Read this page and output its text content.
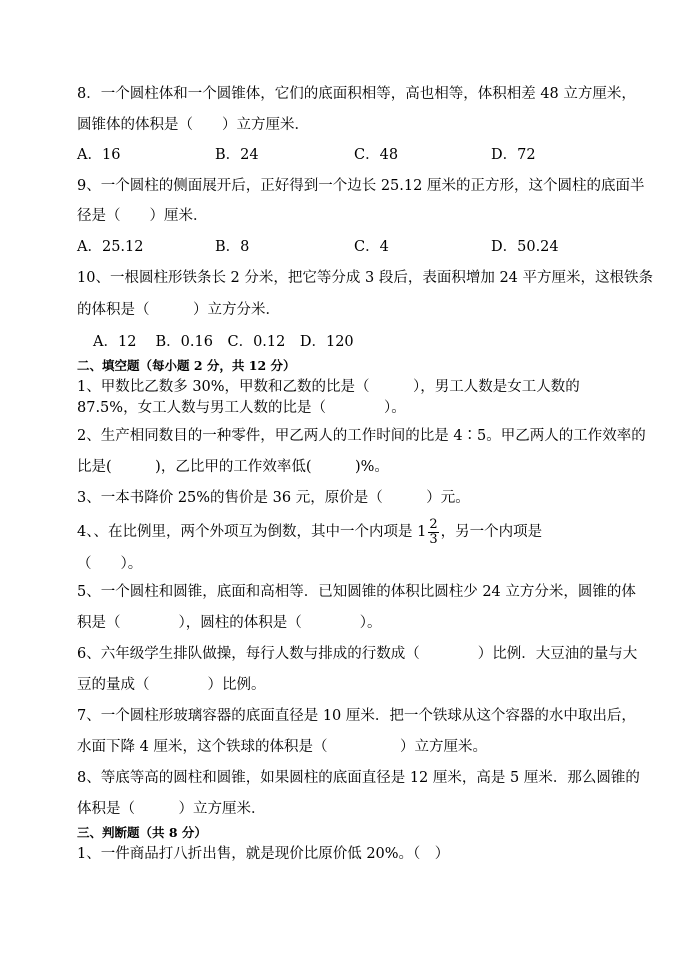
8．一个圆柱体和一个圆锥体，它们的底面积相等，高也相等，体积相差 48 立方厘米，
圆锥体的体积是（　　）立方厘米．
A．16	B．24	C．48	D．72
9、一个圆柱的侧面展开后，正好得到一个边长 25.12 厘米的正方形，这个圆柱的底面半
径是（　　）厘米．
A．25.12	B．8	C．4	D．50.24
10、一根圆柱形铁条长 2 分米，把它等分成 3 段后，表面积增加 24 平方厘米，这根铁条
的体积是（　　　）立方分米．
A．12　 B．0.16　C．0.12　D．120
二、填空题（每小题 2 分，共 12 分）
1、甲数比乙数多 30%，甲数和乙数的比是（　　　），男工人数是女工人数的
87.5%，女工人数与男工人数的比是（　　　　）。
2、生产相同数目的一种零件，甲乙两人的工作时间的比是 4∶5。甲乙两人的工作效率的
比是(　　　)，乙比甲的工作效率低(　　　)%。
3、一本书降价 25%的售价是 36 元，原价是（　　　）元。
4、、在比例里，两个外项互为倒数，其中一个内项是 $1 \frac{2}{3}$ ，另一个内项是
（　　）。
5、一个圆柱和圆锥，底面和高相等．已知圆锥的体积比圆柱少 24 立方分米，圆锥的体
积是（　　　　），圆柱的体积是（　　　　）。
6、六年级学生排队做操，每行人数与排成的行数成（　　　　）比例．大豆油的量与大
豆的量成（　　　　）比例。
7、一个圆柱形玻璃容器的底面直径是 10 厘米．把一个铁球从这个容器的水中取出后，
水面下降 4 厘米，这个铁球的体积是（　　　　　）立方厘米。
8、等底等高的圆柱和圆锥，如果圆柱的底面直径是 12 厘米，高是 5 厘米．那么圆锥的
体积是（　　　）立方厘米．
三、判断题（共 8 分）
1、一件商品打八折出售，就是现价比原价低 20%。（　）
